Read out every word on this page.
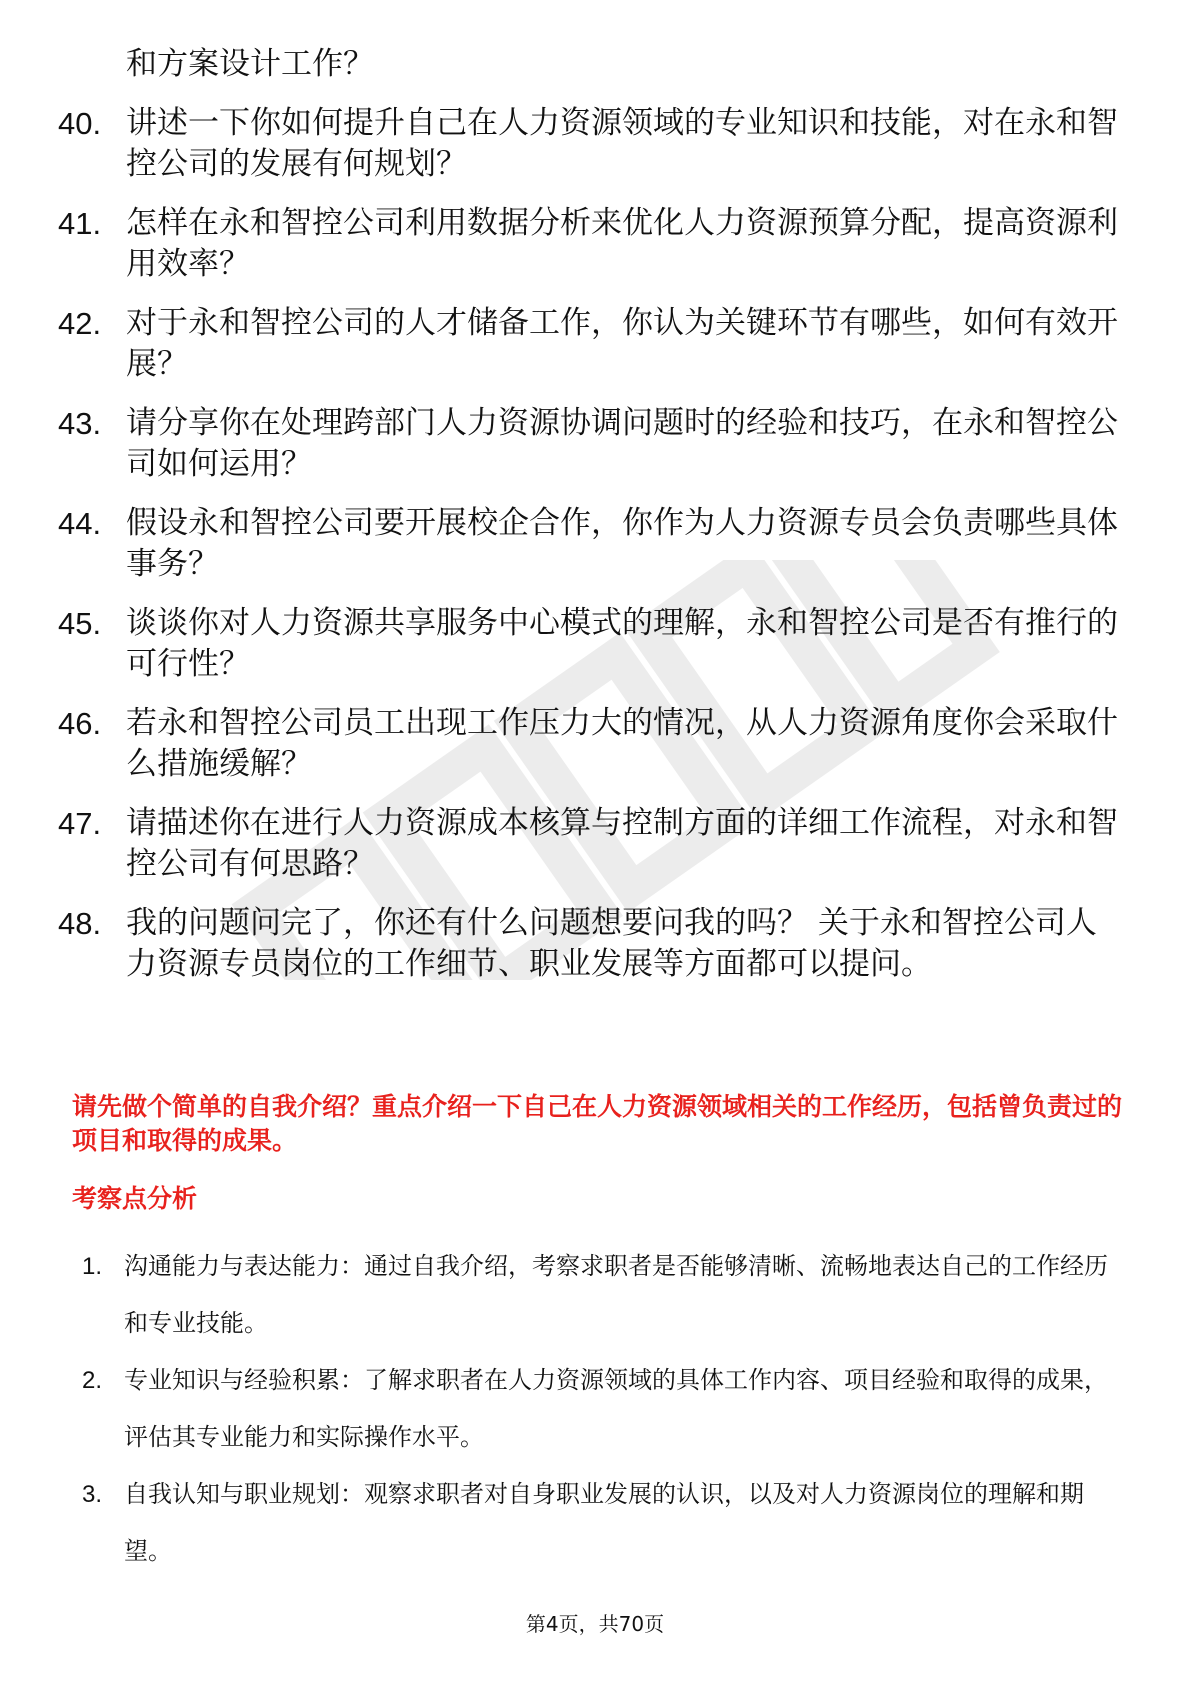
和方案设计工作？
40. 讲述一下你如何提升自己在人力资源领域的专业知识和技能，对在永和智控公司的发展有何规划？
41. 怎样在永和智控公司利用数据分析来优化人力资源预算分配，提高资源利用效率？
42. 对于永和智控公司的人才储备工作，你认为关键环节有哪些，如何有效开展？
43. 请分享你在处理跨部门人力资源协调问题时的经验和技巧，在永和智控公司如何运用？
44. 假设永和智控公司要开展校企合作，你作为人力资源专员会负责哪些具体事务？
45. 谈谈你对人力资源共享服务中心模式的理解，永和智控公司是否有推行的可行性？
46. 若永和智控公司员工出现工作压力大的情况，从人力资源角度你会采取什么措施缓解？
47. 请描述你在进行人力资源成本核算与控制方面的详细工作流程，对永和智控公司有何思路？
48. 我的问题问完了，你还有什么问题想要问我的吗？ 关于永和智控公司人力资源专员岗位的工作细节、职业发展等方面都可以提问。
请先做个简单的自我介绍？重点介绍一下自己在人力资源领域相关的工作经历，包括曾负责过的项目和取得的成果。
考察点分析
1. 沟通能力与表达能力：通过自我介绍，考察求职者是否能够清晰、流畅地表达自己的工作经历和专业技能。
2. 专业知识与经验积累：了解求职者在人力资源领域的具体工作内容、项目经验和取得的成果，评估其专业能力和实际操作水平。
3. 自我认知与职业规划：观察求职者对自身职业发展的认识，以及对人力资源岗位的理解和期望。
第4页，共70页
